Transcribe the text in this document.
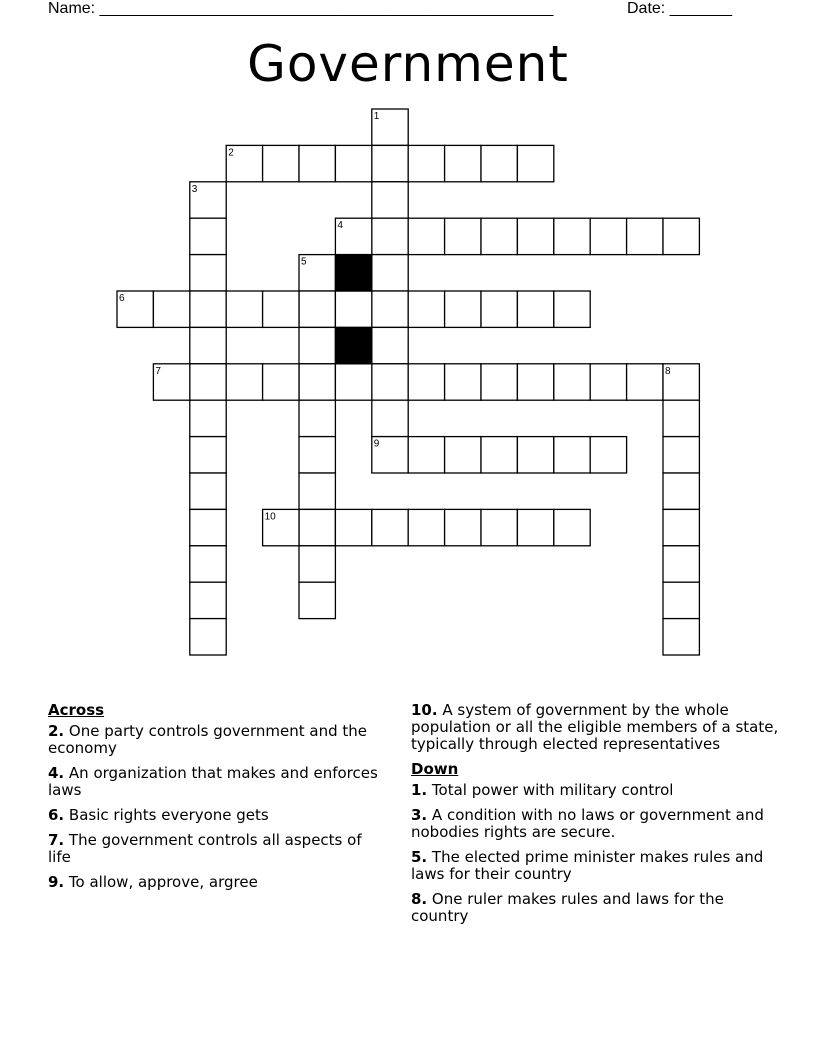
Name: ___________________________________________________	Date: _______
Government
1
2
3
4
5
6
7	8
9
10
Across
2. One party controls government and the economy
4. An organization that makes and enforces laws
6. Basic rights everyone gets
7. The government controls all aspects of life
9. To allow, approve, argree
10. A system of government by the whole population or all the eligible members of a state, typically through elected representatives
Down
1. Total power with military control
3. A condition with no laws or government and nobodies rights are secure.
5. The elected prime minister makes rules and laws for their country
8. One ruler makes rules and laws for the country
